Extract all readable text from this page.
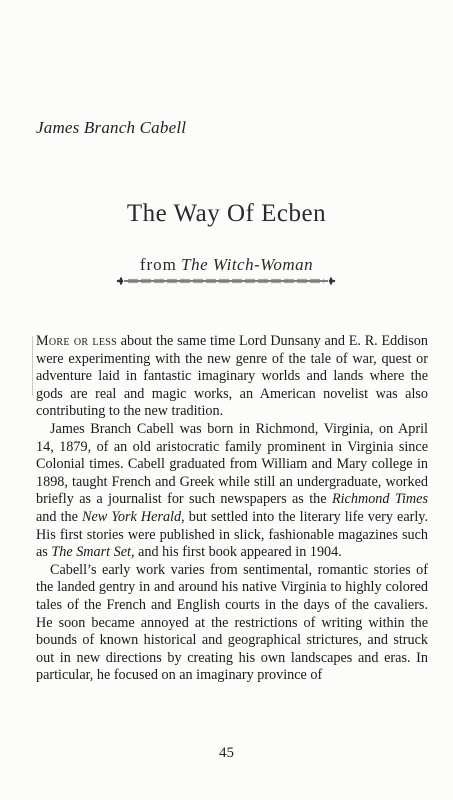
James Branch Cabell
The Way Of Ecben
from The Witch-Woman

More or less about the same time Lord Dunsany and E. R. Eddison were experimenting with the new genre of the tale of war, quest or adventure laid in fantastic imaginary worlds and lands where the gods are real and magic works, an American novelist was also contributing to the new tradition.

James Branch Cabell was born in Richmond, Virginia, on April 14, 1879, of an old aristocratic family prominent in Virginia since Colonial times. Cabell graduated from William and Mary college in 1898, taught French and Greek while still an undergraduate, worked briefly as a journalist for such newspapers as the Richmond Times and the New York Herald, but settled into the literary life very early. His first stories were published in slick, fashionable magazines such as The Smart Set, and his first book appeared in 1904.

Cabell’s early work varies from sentimental, romantic stories of the landed gentry in and around his native Virginia to highly colored tales of the French and English courts in the days of the cavaliers. He soon became annoyed at the restrictions of writing within the bounds of known historical and geographical strictures, and struck out in new directions by creating his own landscapes and eras. In particular, he focused on an imaginary province of

45
